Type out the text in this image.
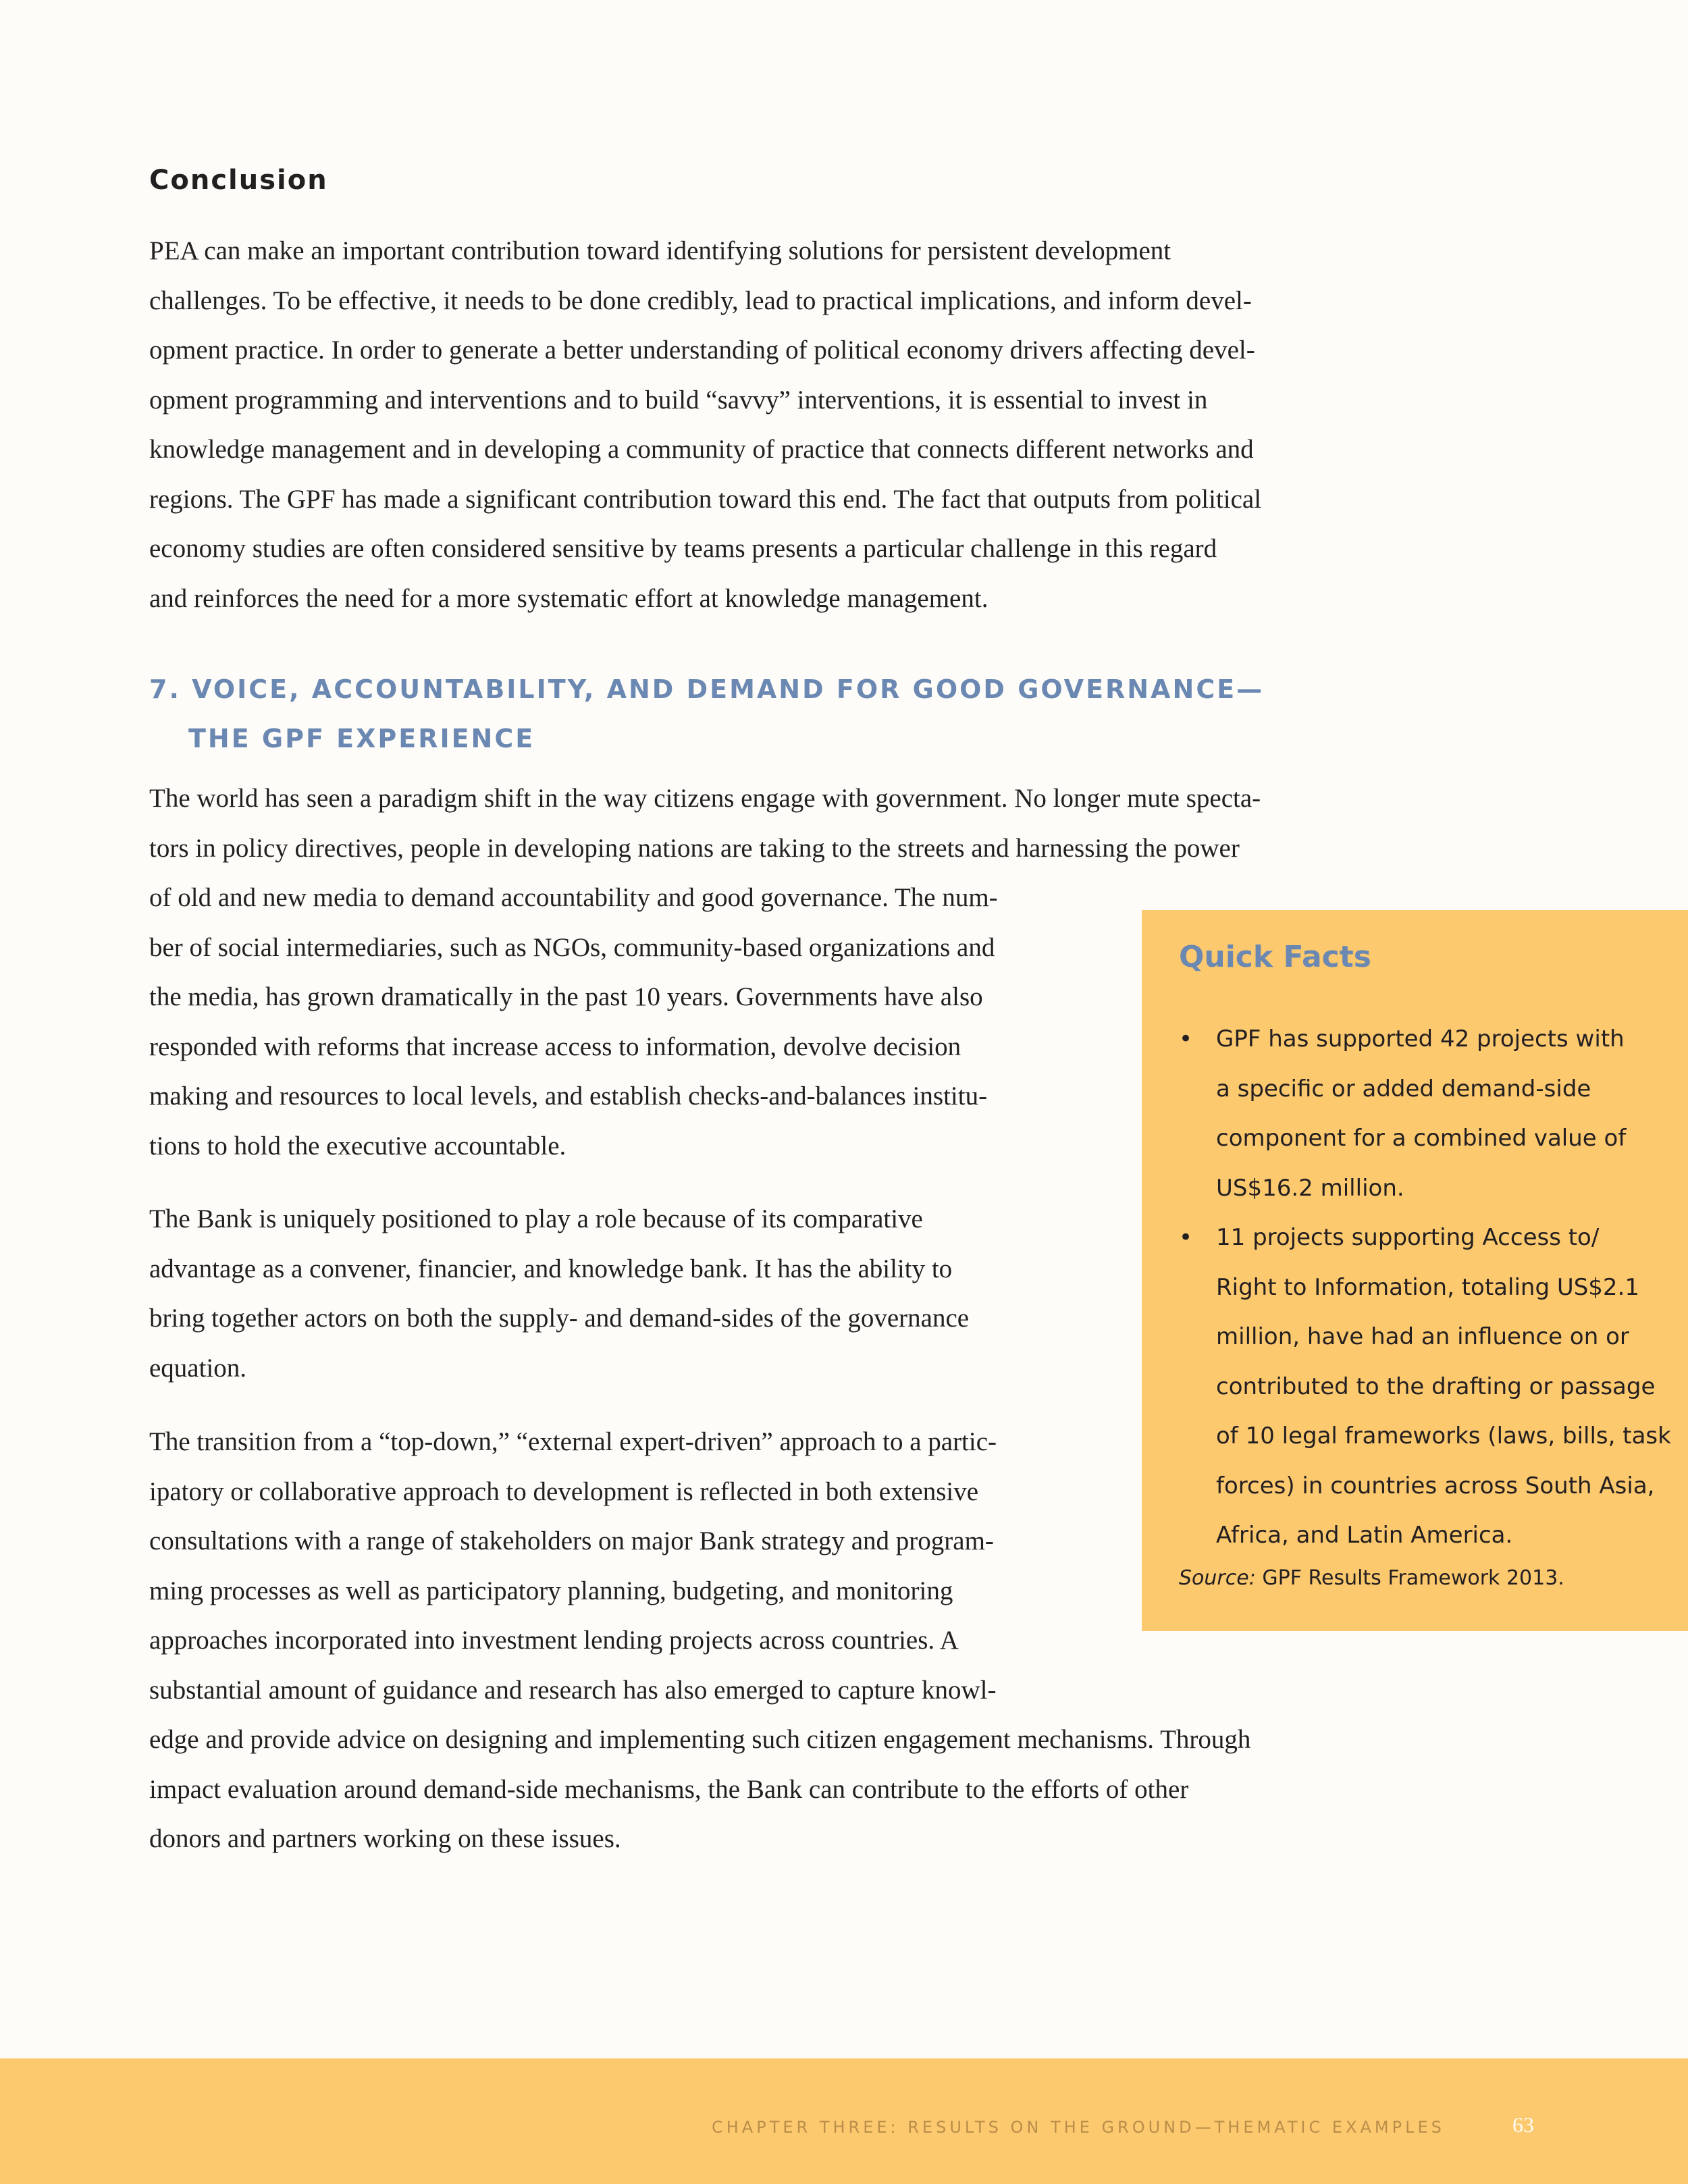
Conclusion

PEA can make an important contribution toward identifying solutions for persistent development
challenges. To be effective, it needs to be done credibly, lead to practical implications, and inform devel-
opment practice. In order to generate a better understanding of political economy drivers affecting devel-
opment programming and interventions and to build “savvy” interventions, it is essential to invest in
knowledge management and in developing a community of practice that connects different networks and
regions. The GPF has made a significant contribution toward this end. The fact that outputs from political
economy studies are often considered sensitive by teams presents a particular challenge in this regard
and reinforces the need for a more systematic effort at knowledge management.

7. VOICE, ACCOUNTABILITY, AND DEMAND FOR GOOD GOVERNANCE—
THE GPF EXPERIENCE

The world has seen a paradigm shift in the way citizens engage with government. No longer mute specta-
tors in policy directives, people in developing nations are taking to the streets and harnessing the power
of old and new media to demand accountability and good governance. The num-
ber of social intermediaries, such as NGOs, community-based organizations and
the media, has grown dramatically in the past 10 years. Governments have also
responded with reforms that increase access to information, devolve decision
making and resources to local levels, and establish checks-and-balances institu-
tions to hold the executive accountable.

The Bank is uniquely positioned to play a role because of its comparative
advantage as a convener, financier, and knowledge bank. It has the ability to
bring together actors on both the supply- and demand-sides of the governance
equation.

The transition from a “top-down,” “external expert-driven” approach to a partic-
ipatory or collaborative approach to development is reflected in both extensive
consultations with a range of stakeholders on major Bank strategy and program-
ming processes as well as participatory planning, budgeting, and monitoring
approaches incorporated into investment lending projects across countries. A
substantial amount of guidance and research has also emerged to capture knowl-
edge and provide advice on designing and implementing such citizen engagement mechanisms. Through
impact evaluation around demand-side mechanisms, the Bank can contribute to the efforts of other
donors and partners working on these issues.

Quick Facts
• GPF has supported 42 projects with
a specific or added demand-side
component for a combined value of
US$16.2 million.
• 11 projects supporting Access to/
Right to Information, totaling US$2.1
million, have had an influence on or
contributed to the drafting or passage
of 10 legal frameworks (laws, bills, task
forces) in countries across South Asia,
Africa, and Latin America.

Source: GPF Results Framework 2013.

CHAPTER THREE: RESULTS ON THE GROUND—THEMATIC EXAMPLES	63
